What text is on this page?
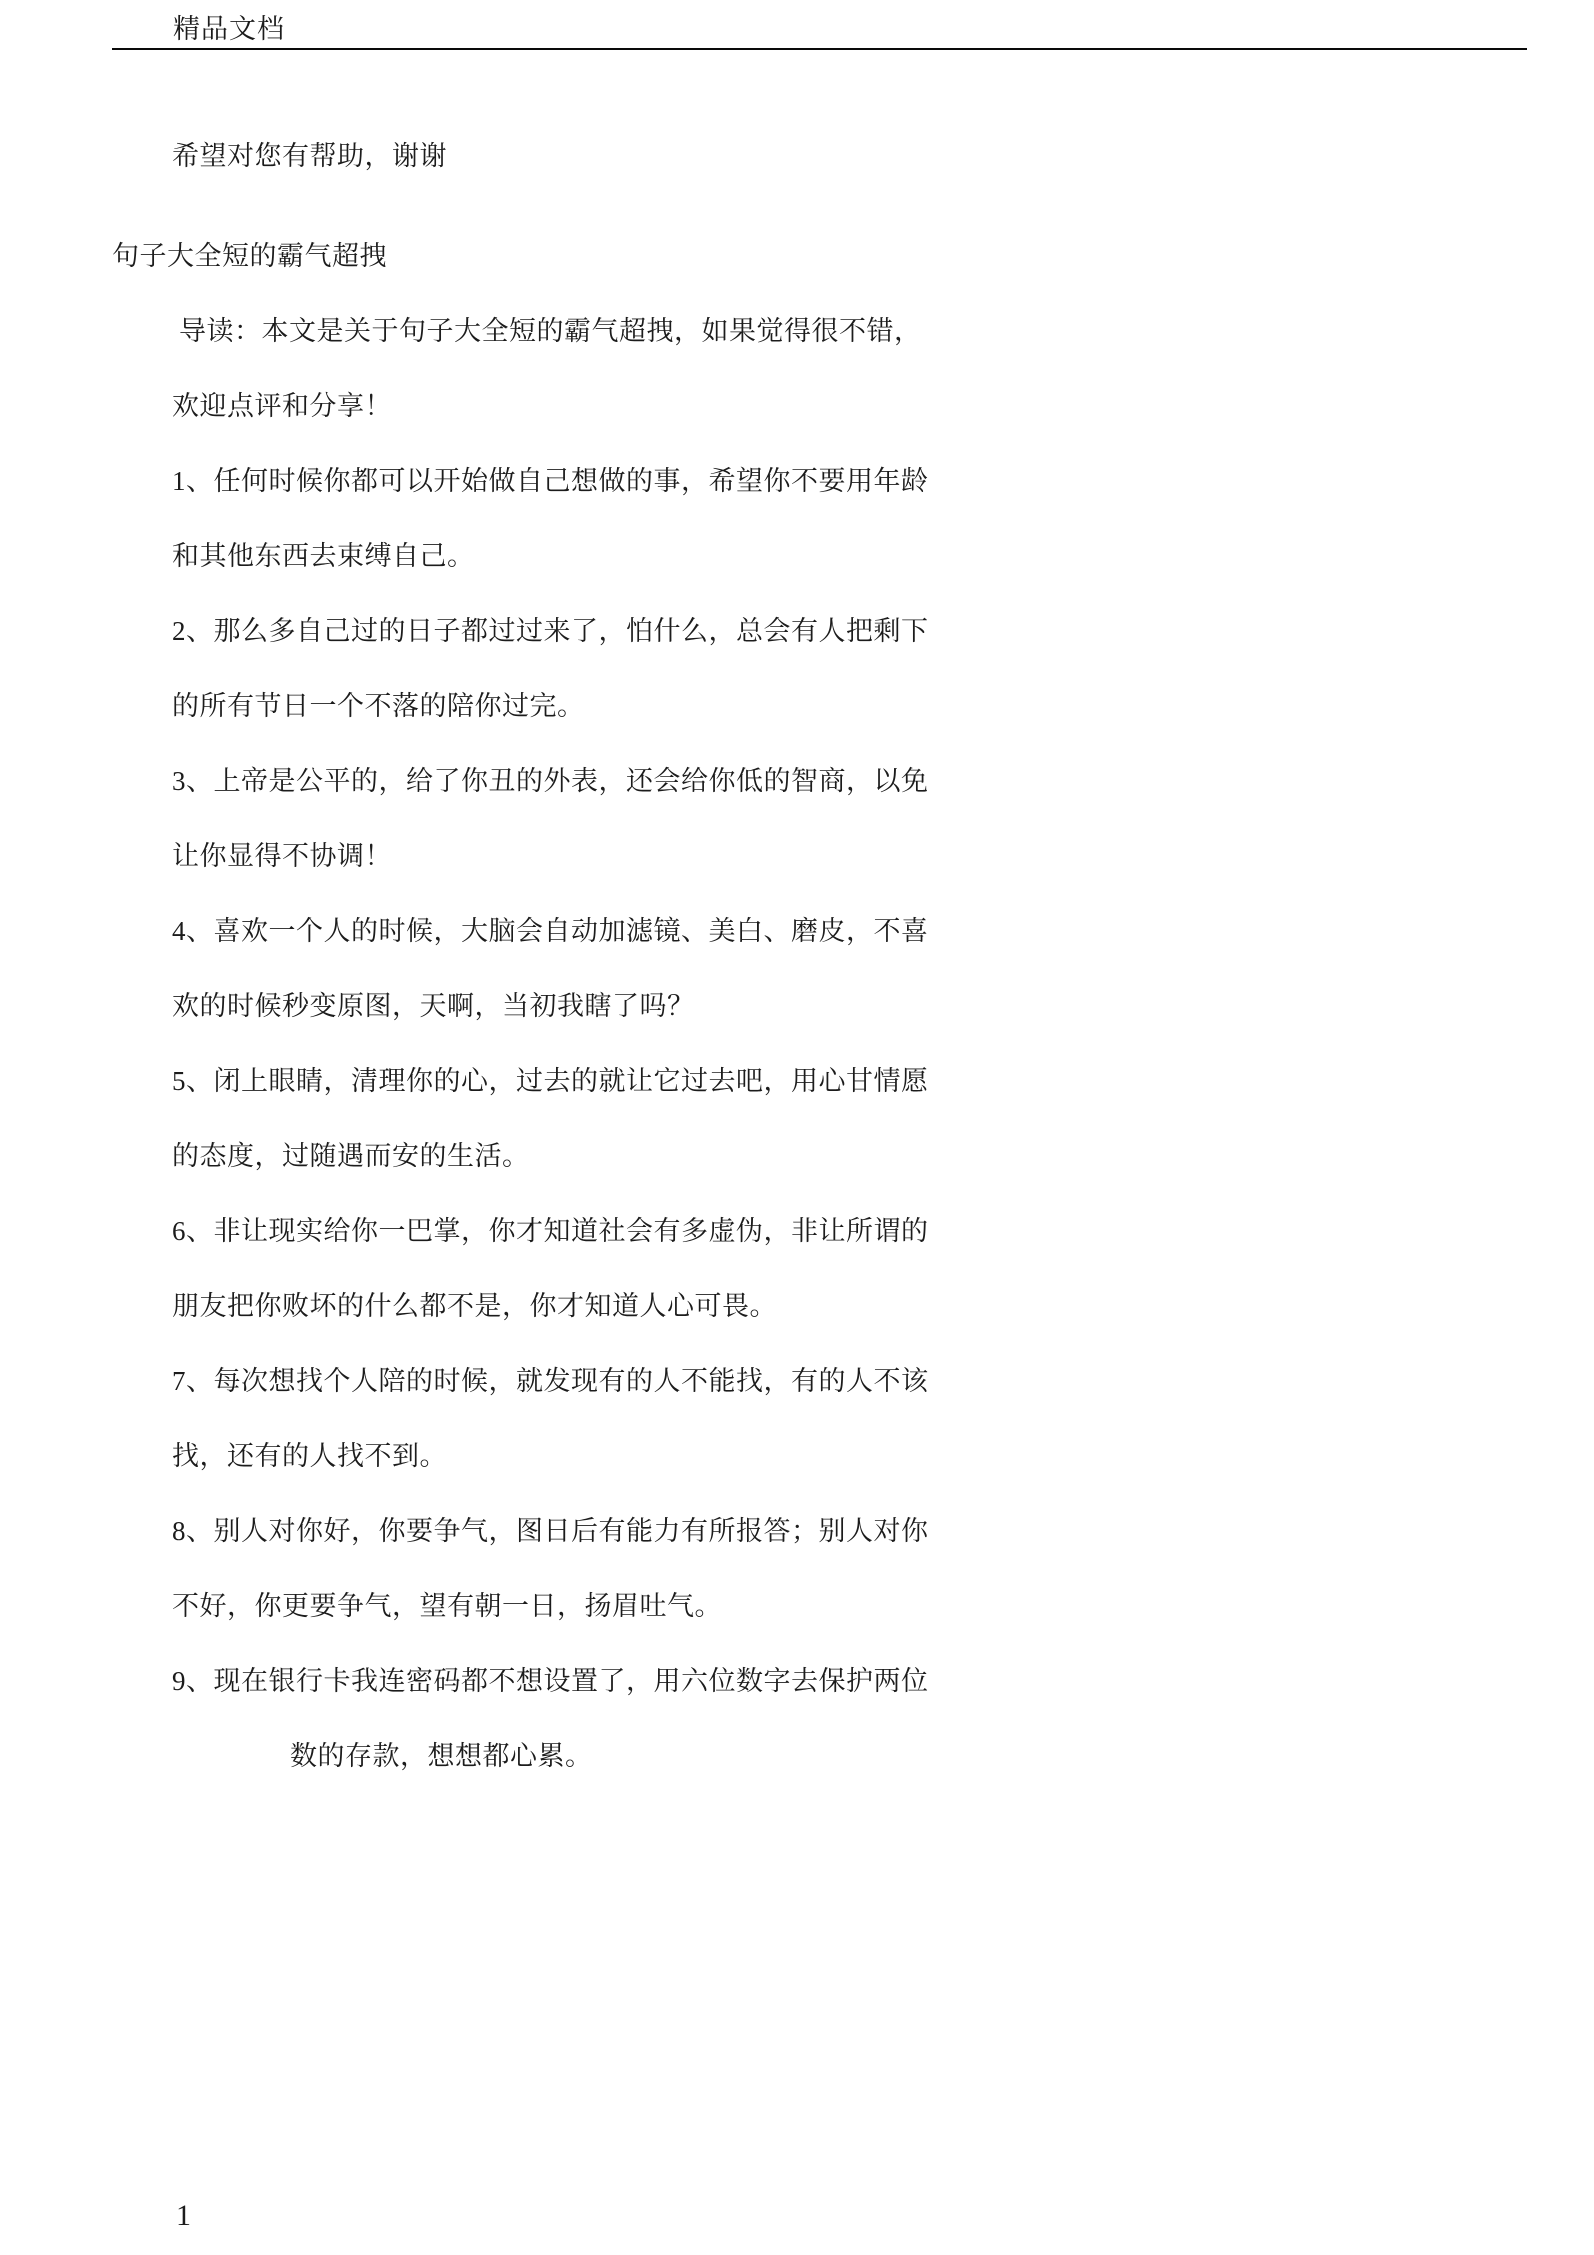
精品文档
希望对您有帮助，谢谢
句子大全短的霸气超拽
导读：本文是关于句子大全短的霸气超拽，如果觉得很不错，
欢迎点评和分享！
1、任何时候你都可以开始做自己想做的事，希望你不要用年龄
和其他东西去束缚自己。
2、那么多自己过的日子都过过来了，怕什么，总会有人把剩下
的所有节日一个不落的陪你过完。
3、上帝是公平的，给了你丑的外表，还会给你低的智商，以免
让你显得不协调！
4、喜欢一个人的时候，大脑会自动加滤镜、美白、磨皮，不喜
欢的时候秒变原图，天啊，当初我瞎了吗？
5、闭上眼睛，清理你的心，过去的就让它过去吧，用心甘情愿
的态度，过随遇而安的生活。
6、非让现实给你一巴掌，你才知道社会有多虚伪，非让所谓的
朋友把你败坏的什么都不是，你才知道人心可畏。
7、每次想找个人陪的时候，就发现有的人不能找，有的人不该
找，还有的人找不到。
8、别人对你好，你要争气，图日后有能力有所报答；别人对你
不好，你更要争气，望有朝一日，扬眉吐气。
9、现在银行卡我连密码都不想设置了，用六位数字去保护两位
数的存款，想想都心累。
1
